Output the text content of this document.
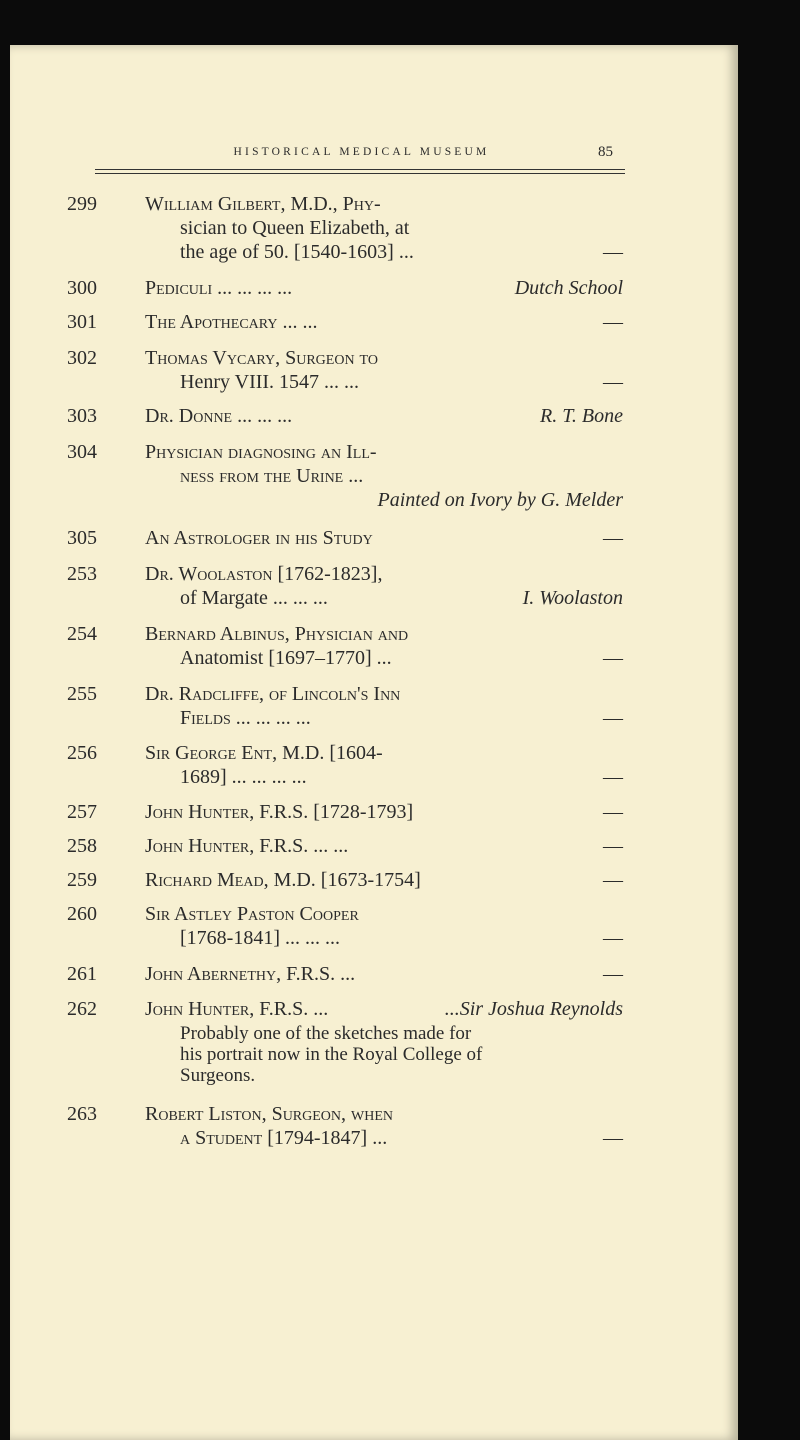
HISTORICAL MEDICAL MUSEUM	85
299	William Gilbert, M.D., Phy-
sician to Queen Elizabeth, at
the age of 50. [1540-1603] ...	—
300	Pediculi ... ... ... ...	Dutch School
301	The Apothecary ... ...	—
302	Thomas Vycary, Surgeon to
Henry VIII. 1547 ... ...	—
303	Dr. Donne ... ... ...	R. T. Bone
304	Physician diagnosing an Ill-
ness from the Urine ...
Painted on Ivory by G. Melder
305	An Astrologer in his Study	—
253	Dr. Woolaston [1762-1823],
of Margate ... ... ...	I. Woolaston
254	Bernard Albinus, Physician and
Anatomist [1697–1770] ...	—
255	Dr. Radcliffe, of Lincoln's Inn
Fields ... ... ... ...	—
256	Sir George Ent, M.D. [1604-
1689] ... ... ... ...	—
257	John Hunter, F.R.S. [1728-1793]	—
258	John Hunter, F.R.S. ... ...	—
259	Richard Mead, M.D. [1673-1754]	—
260	Sir Astley Paston Cooper
[1768-1841] ... ... ...	—
261	John Abernethy, F.R.S. ...	—
262	John Hunter, F.R.S. ...	...Sir Joshua Reynolds
Probably one of the sketches made for
his portrait now in the Royal College of
Surgeons.
263	Robert Liston, Surgeon, when
a Student [1794-1847] ...	—
